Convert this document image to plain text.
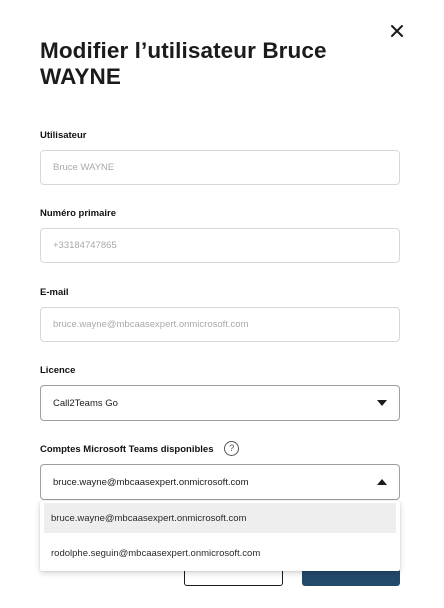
Modifier l’utilisateur Bruce WAYNE
Utilisateur
Bruce WAYNE
Numéro primaire
+33184747865
E-mail
bruce.wayne@mbcaasexpert.onmicrosoft.com
Licence
Call2Teams Go
Comptes Microsoft Teams disponibles ?
bruce.wayne@mbcaasexpert.onmicrosoft.com
bruce.wayne@mbcaasexpert.onmicrosoft.com
rodolphe.seguin@mbcaasexpert.onmicrosoft.com
